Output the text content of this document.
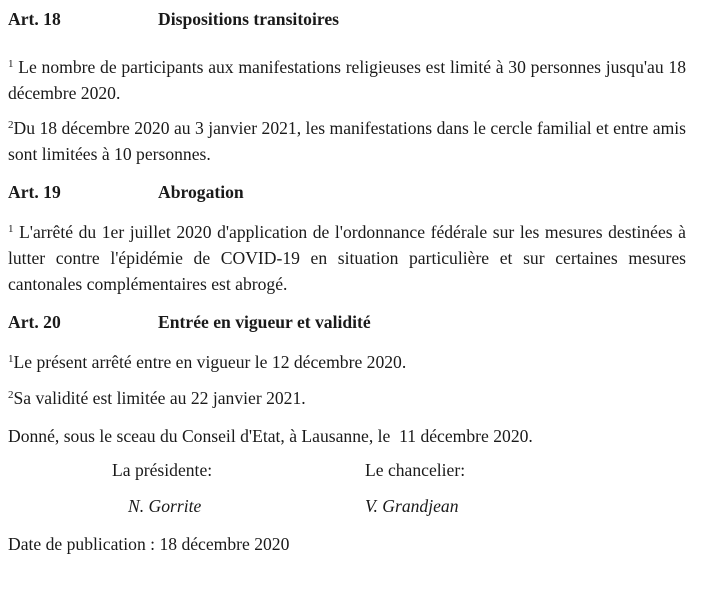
Art. 18	Dispositions transitoires

$^1$ Le nombre de participants aux manifestations religieuses est limité à 30 personnes jusqu'au 18 décembre 2020.

$^2$Du 18 décembre 2020 au 3 janvier 2021, les manifestations dans le cercle familial et entre amis sont limitées à 10 personnes.

Art. 19	Abrogation

$^1$ L'arrêté du 1er juillet 2020 d'application de l'ordonnance fédérale sur les mesures destinées à lutter contre l'épidémie de COVID-19 en situation particulière et sur certaines mesures cantonales complémentaires est abrogé.

Art. 20	Entrée en vigueur et validité

$^1$Le présent arrêté entre en vigueur le 12 décembre 2020.

$^2$Sa validité est limitée au 22 janvier 2021.

Donné, sous le sceau du Conseil d'Etat, à Lausanne, le  11 décembre 2020.

La présidente:	Le chancelier:
N. Gorrite	V. Grandjean

Date de publication : 18 décembre 2020
